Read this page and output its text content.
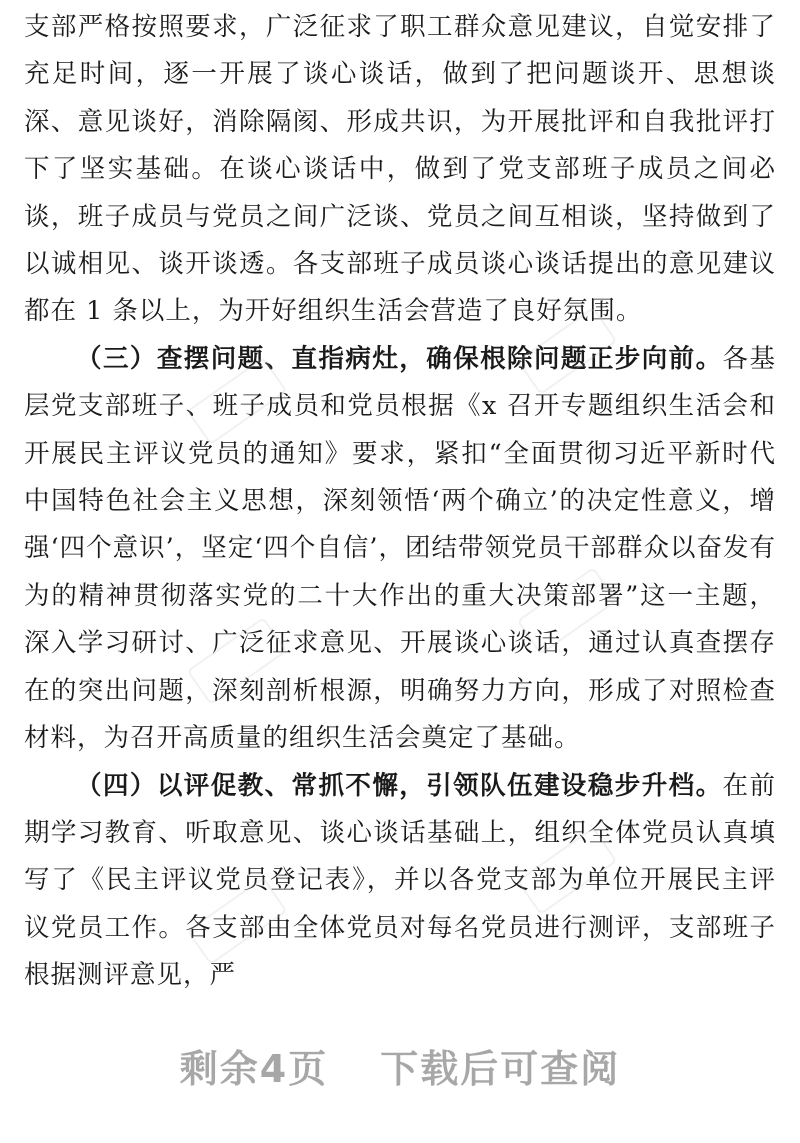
支部严格按照要求，广泛征求了职工群众意见建议，自觉安排了充足时间，逐一开展了谈心谈话，做到了把问题谈开、思想谈深、意见谈好，消除隔阂、形成共识，为开展批评和自我批评打下了坚实基础。在谈心谈话中，做到了党支部班子成员之间必谈，班子成员与党员之间广泛谈、党员之间互相谈，坚持做到了以诚相见、谈开谈透。各支部班子成员谈心谈话提出的意见建议都在 1 条以上，为开好组织生活会营造了良好氛围。

（三）查摆问题、直指病灶，确保根除问题正步向前。各基层党支部班子、班子成员和党员根据《x 召开专题组织生活会和开展民主评议党员的通知》要求，紧扣“全面贯彻习近平新时代中国特色社会主义思想，深刻领悟‘两个确立’的决定性意义，增强‘四个意识’，坚定‘四个自信’，团结带领党员干部群众以奋发有为的精神贯彻落实党的二十大作出的重大决策部署”这一主题，深入学习研讨、广泛征求意见、开展谈心谈话，通过认真查摆存在的突出问题，深刻剖析根源，明确努力方向，形成了对照检查材料，为召开高质量的组织生活会奠定了基础。

（四）以评促教、常抓不懈，引领队伍建设稳步升档。在前期学习教育、听取意见、谈心谈话基础上，组织全体党员认真填写了《民主评议党员登记表》，并以各党支部为单位开展民主评议党员工作。各支部由全体党员对每名党员进行测评，支部班子根据测评意见，严

剩余4页 下载后可查阅
